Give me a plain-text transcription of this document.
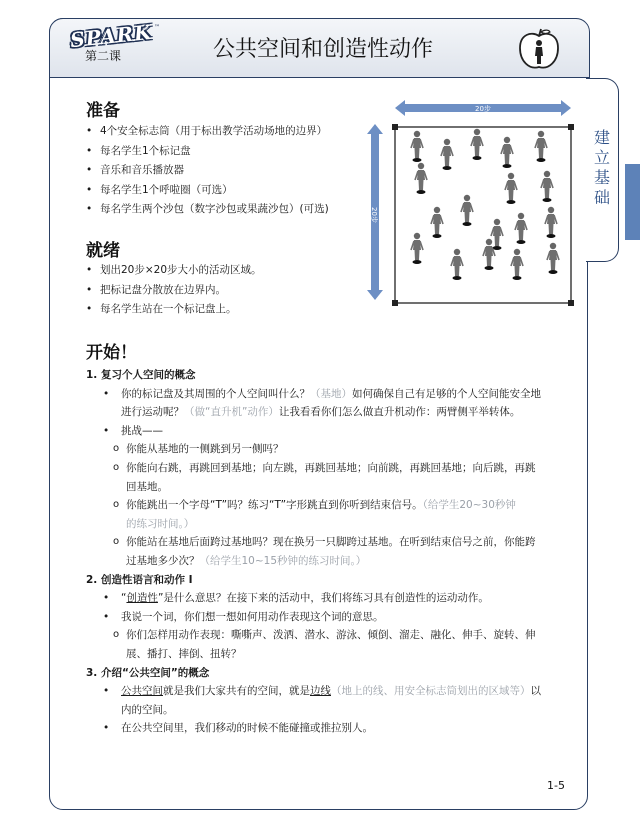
SPARK ™
第二课	公共空间和创造性动作
建立基础
准备
• 4个安全标志筒（用于标出教学活动场地的边界）
• 每名学生1个标记盘
• 音乐和音乐播放器
• 每名学生1个呼啦圈（可选）
• 每名学生两个沙包（数字沙包或果蔬沙包）(可选)
就绪
• 划出20步×20步大小的活动区域。
• 把标记盘分散放在边界内。
• 每名学生站在一个标记盘上。
20步
20步
开始！
1. 复习个人空间的概念
• 你的标记盘及其周围的个人空间叫什么？（基地）如何确保自己有足够的个人空间能安全地
进行运动呢？（做“直升机”动作）让我看看你们怎么做直升机动作：两臂侧平举转体。
• 挑战——
o 你能从基地的一侧跳到另一侧吗？
o 你能向右跳，再跳回到基地；向左跳，再跳回基地；向前跳，再跳回基地；向后跳，再跳
回基地。
o 你能跳出一个字母“T”吗？练习“T”字形跳直到你听到结束信号。（给学生20~30秒钟
的练习时间。）
o 你能站在基地后面跨过基地吗？现在换另一只脚跨过基地。在听到结束信号之前，你能跨
过基地多少次？（给学生10~15秒钟的练习时间。）
2. 创造性语言和动作 I
• “创造性”是什么意思？在接下来的活动中，我们将练习具有创造性的运动动作。
• 我说一个词，你们想一想如何用动作表现这个词的意思。
o 你们怎样用动作表现：嘶嘶声、泼洒、潜水、游泳、倾倒、溜走、融化、伸手、旋转、伸
展、播打、摔倒、扭转？
3. 介绍“公共空间”的概念
• 公共空间就是我们大家共有的空间，就是边线（地上的线、用安全标志筒划出的区域等）以
内的空间。
• 在公共空间里，我们移动的时候不能碰撞或推拉别人。
1-5
